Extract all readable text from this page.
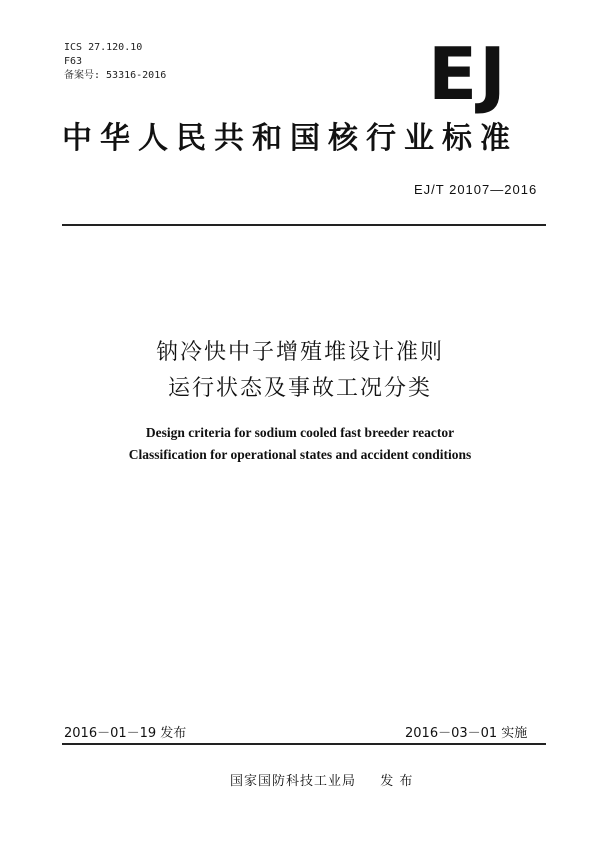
ICS 27.120.10
F63
备案号: 53316-2016	EJ
中华人民共和国核行业标准
EJ/T 20107—2016
钠冷快中子增殖堆设计准则
运行状态及事故工况分类
Design criteria for sodium cooled fast breeder reactor
Classification for operational states and accident conditions
2016－01－19 发布	2016－03－01 实施
国家国防科技工业局 发 布
